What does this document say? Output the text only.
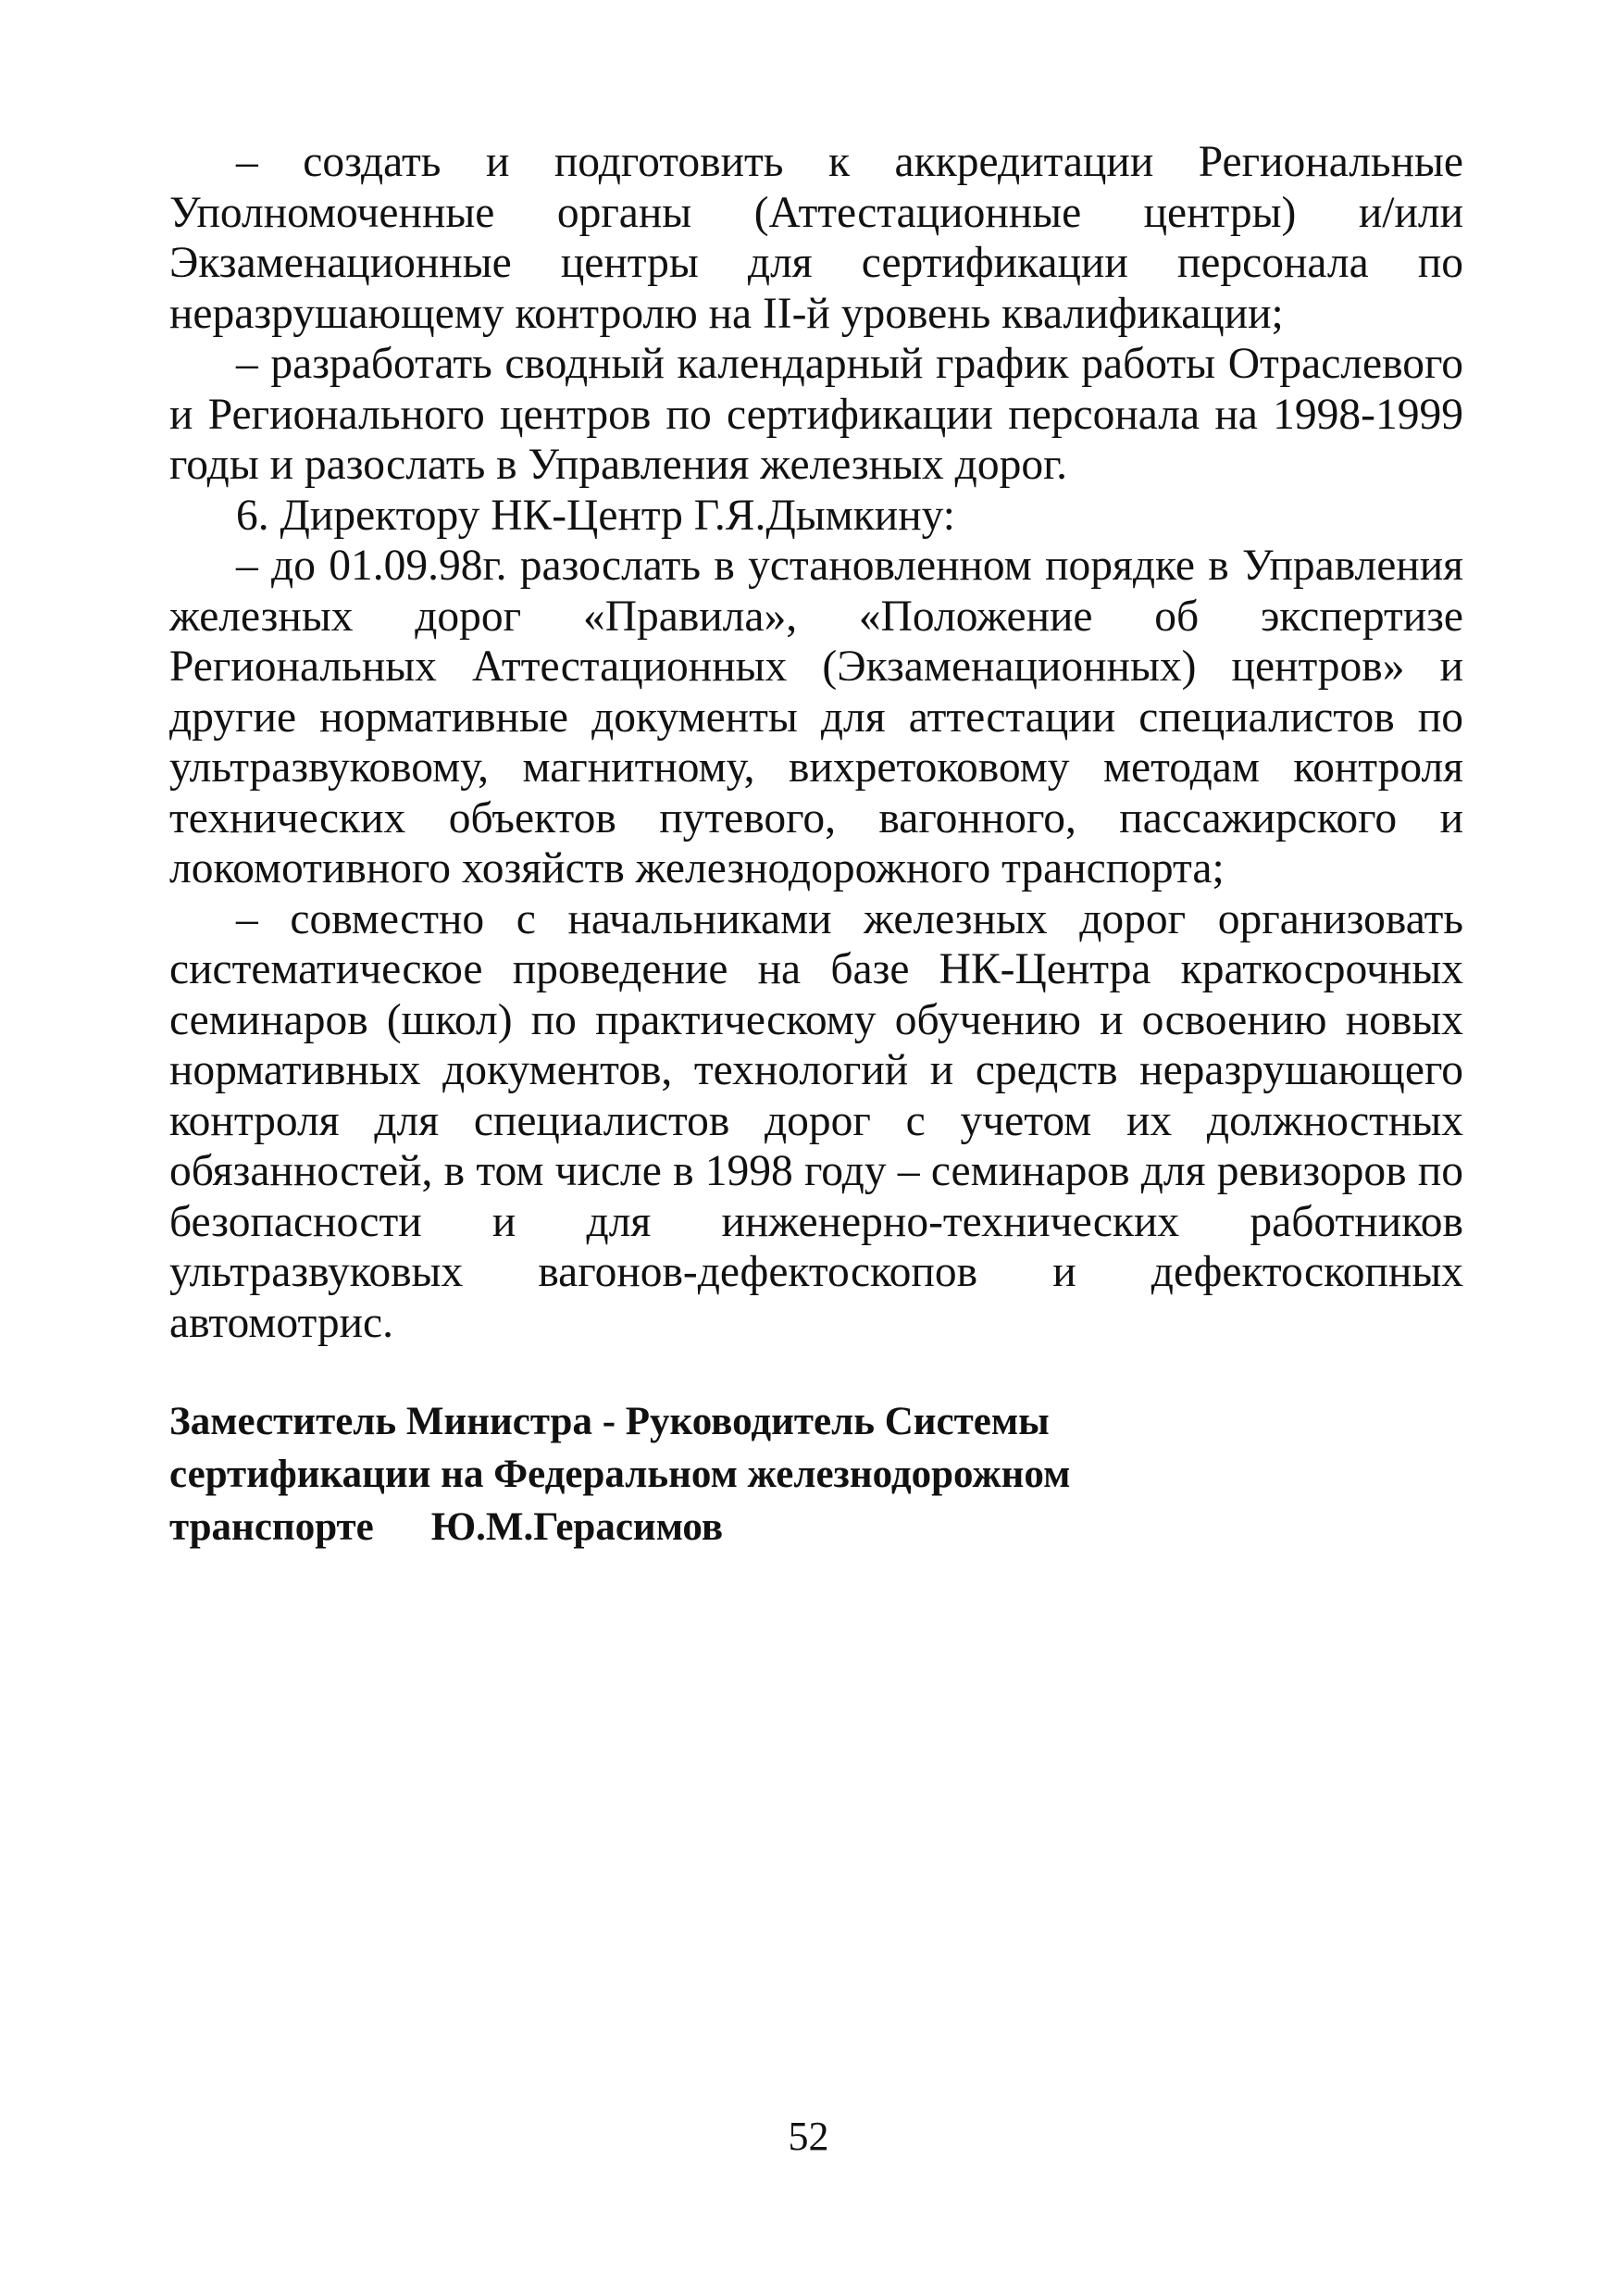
– создать и подготовить к аккредитации Региональные Уполномоченные органы (Аттестационные центры) и/или Экзаменационные центры для сертификации персонала по неразрушающему контролю на II-й уровень квалификации;

– разработать сводный календарный график работы Отраслевого и Регионального центров по сертификации персонала на 1998-1999 годы и разослать в Управления железных дорог.

6. Директору НК-Центр Г.Я.Дымкину:

– до 01.09.98г. разослать в установленном порядке в Управления железных дорог «Правила», «Положение об экспертизе Региональных Аттестационных (Экзаменационных) центров» и другие нормативные документы для аттестации специалистов по ультразвуковому, магнитному, вихретоковому методам контроля технических объектов путевого, вагонного, пассажирского и локомотивного хозяйств железнодорожного транспорта;

– совместно с начальниками железных дорог организовать систематическое проведение на базе НК-Центра краткосрочных семинаров (школ) по практическому обучению и освоению новых нормативных документов, технологий и средств неразрушающего контроля для специалистов дорог с учетом их должностных обязанностей, в том числе в 1998 году – семинаров для ревизоров по безопасности и для инженерно-технических работников ультразвуковых вагонов-дефектоскопов и дефектоскопных автомотрис.

Заместитель Министра - Руководитель Системы
сертификации на Федеральном железнодорожном
транспорте Ю.М.Герасимов
52
